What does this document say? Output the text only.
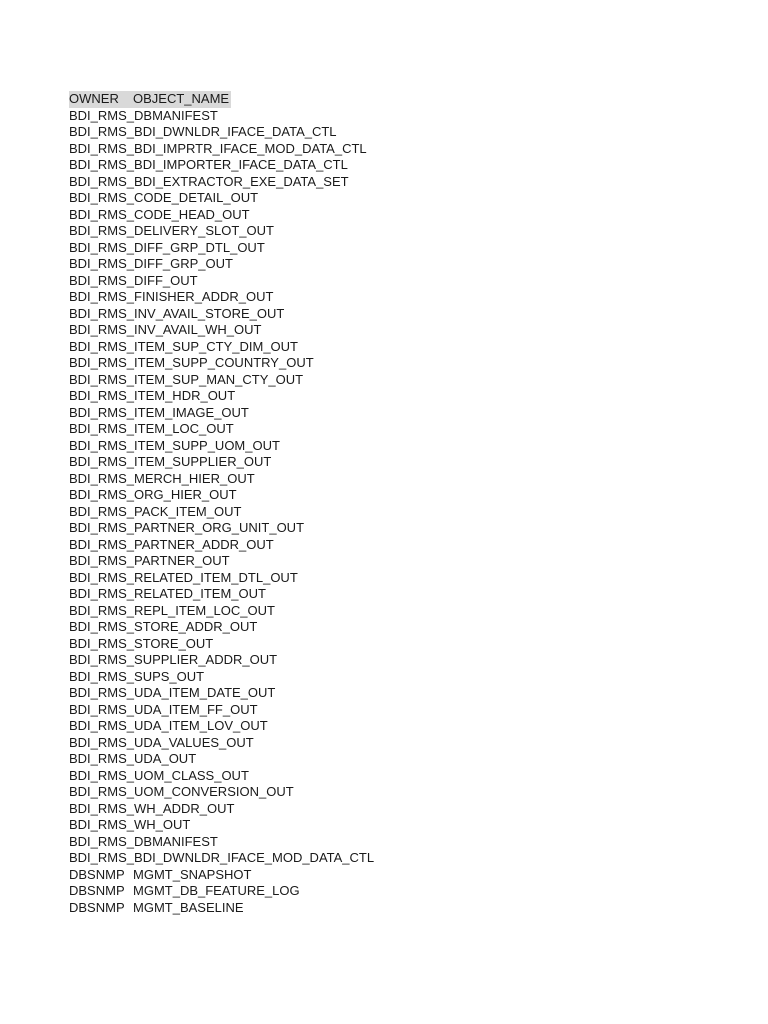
OWNER	OBJECT_NAME
BDI_RMS_DBMANIFEST
BDI_RMS_BDI_DWNLDR_IFACE_DATA_CTL
BDI_RMS_BDI_IMPRTR_IFACE_MOD_DATA_CTL
BDI_RMS_BDI_IMPORTER_IFACE_DATA_CTL
BDI_RMS_BDI_EXTRACTOR_EXE_DATA_SET
BDI_RMS_CODE_DETAIL_OUT
BDI_RMS_CODE_HEAD_OUT
BDI_RMS_DELIVERY_SLOT_OUT
BDI_RMS_DIFF_GRP_DTL_OUT
BDI_RMS_DIFF_GRP_OUT
BDI_RMS_DIFF_OUT
BDI_RMS_FINISHER_ADDR_OUT
BDI_RMS_INV_AVAIL_STORE_OUT
BDI_RMS_INV_AVAIL_WH_OUT
BDI_RMS_ITEM_SUP_CTY_DIM_OUT
BDI_RMS_ITEM_SUPP_COUNTRY_OUT
BDI_RMS_ITEM_SUP_MAN_CTY_OUT
BDI_RMS_ITEM_HDR_OUT
BDI_RMS_ITEM_IMAGE_OUT
BDI_RMS_ITEM_LOC_OUT
BDI_RMS_ITEM_SUPP_UOM_OUT
BDI_RMS_ITEM_SUPPLIER_OUT
BDI_RMS_MERCH_HIER_OUT
BDI_RMS_ORG_HIER_OUT
BDI_RMS_PACK_ITEM_OUT
BDI_RMS_PARTNER_ORG_UNIT_OUT
BDI_RMS_PARTNER_ADDR_OUT
BDI_RMS_PARTNER_OUT
BDI_RMS_RELATED_ITEM_DTL_OUT
BDI_RMS_RELATED_ITEM_OUT
BDI_RMS_REPL_ITEM_LOC_OUT
BDI_RMS_STORE_ADDR_OUT
BDI_RMS_STORE_OUT
BDI_RMS_SUPPLIER_ADDR_OUT
BDI_RMS_SUPS_OUT
BDI_RMS_UDA_ITEM_DATE_OUT
BDI_RMS_UDA_ITEM_FF_OUT
BDI_RMS_UDA_ITEM_LOV_OUT
BDI_RMS_UDA_VALUES_OUT
BDI_RMS_UDA_OUT
BDI_RMS_UOM_CLASS_OUT
BDI_RMS_UOM_CONVERSION_OUT
BDI_RMS_WH_ADDR_OUT
BDI_RMS_WH_OUT
BDI_RMS_DBMANIFEST
BDI_RMS_BDI_DWNLDR_IFACE_MOD_DATA_CTL
DBSNMP MGMT_SNAPSHOT
DBSNMP MGMT_DB_FEATURE_LOG
DBSNMP MGMT_BASELINE
